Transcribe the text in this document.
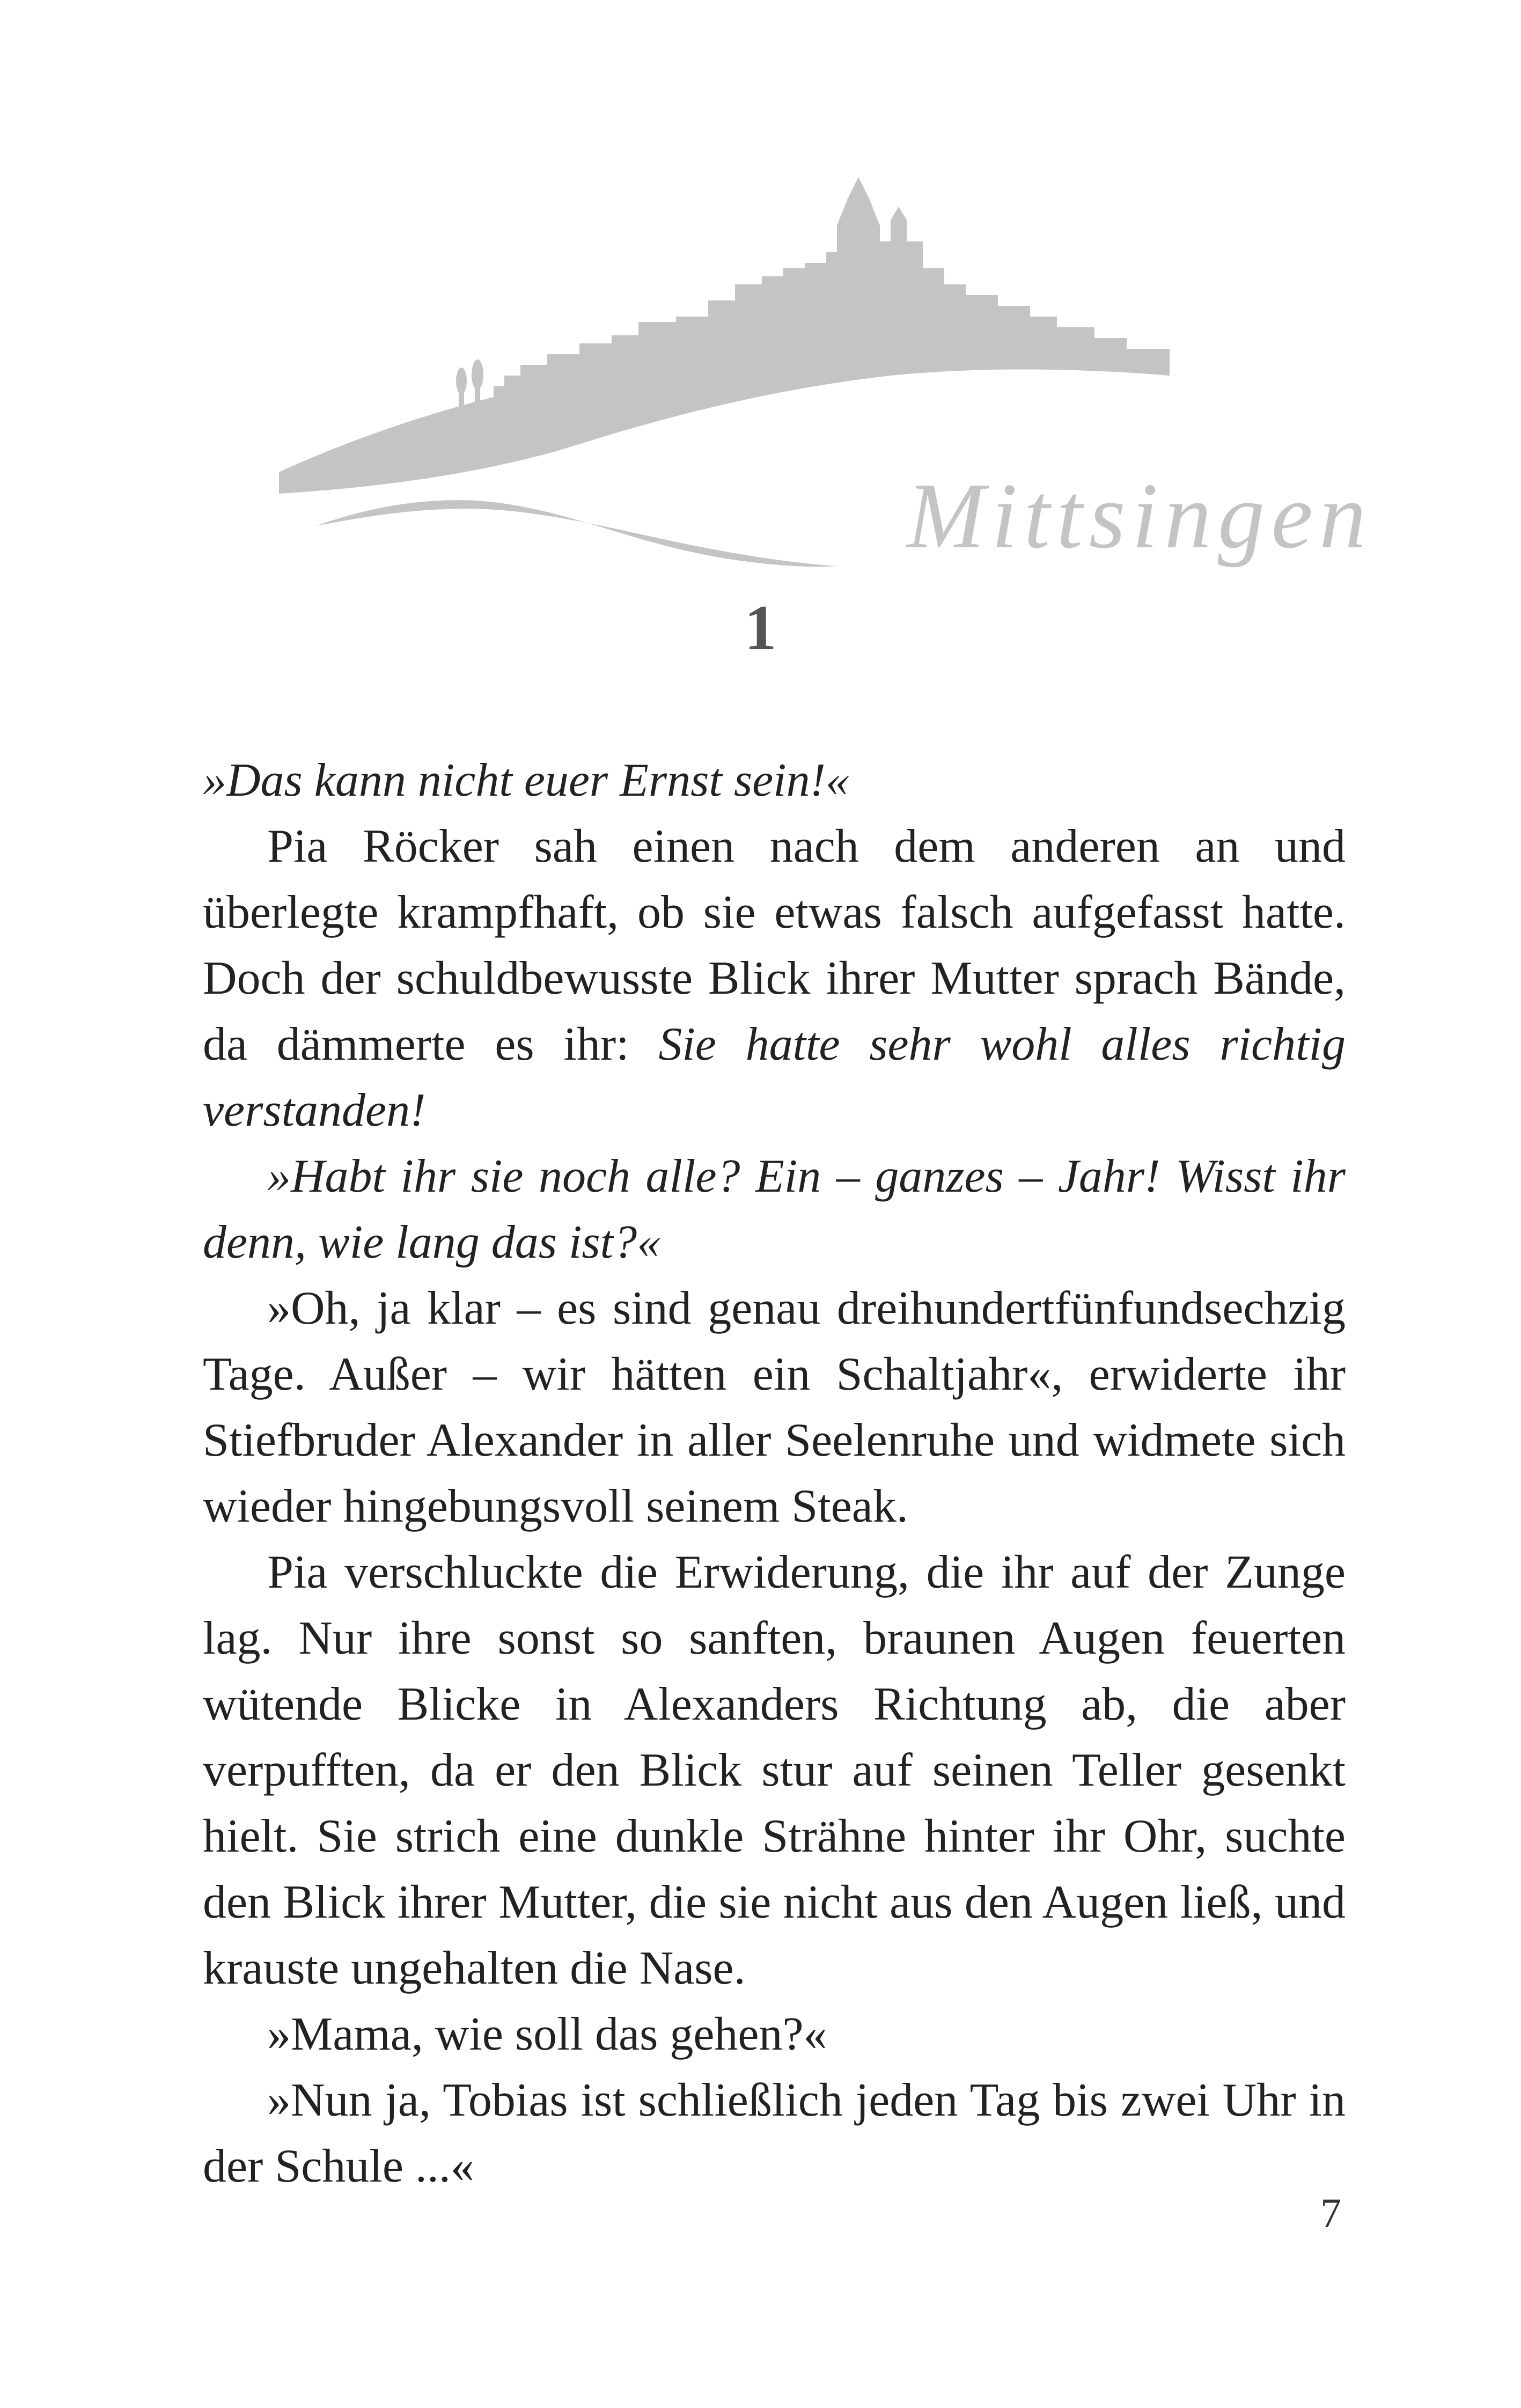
Mittsingen
1

»Das kann nicht euer Ernst sein!«

Pia Röcker sah einen nach dem anderen an und überlegte krampfhaft, ob sie etwas falsch aufgefasst hatte. Doch der schuldbewusste Blick ihrer Mutter sprach Bände, da dämmerte es ihr: Sie hatte sehr wohl alles richtig verstanden!

»Habt ihr sie noch alle? Ein – ganzes – Jahr! Wisst ihr denn, wie lang das ist?«

»Oh, ja klar – es sind genau dreihundertfünfundsechzig Tage. Außer – wir hätten ein Schaltjahr«, erwiderte ihr Stiefbruder Alexander in aller Seelenruhe und widmete sich wieder hingebungsvoll seinem Steak.

Pia verschluckte die Erwiderung, die ihr auf der Zunge lag. Nur ihre sonst so sanften, braunen Augen feuerten wütende Blicke in Alexanders Richtung ab, die aber verpufften, da er den Blick stur auf seinen Teller gesenkt hielt. Sie strich eine dunkle Strähne hinter ihr Ohr, suchte den Blick ihrer Mutter, die sie nicht aus den Augen ließ, und krauste ungehalten die Nase.

»Mama, wie soll das gehen?«

»Nun ja, Tobias ist schließlich jeden Tag bis zwei Uhr in der Schule ...«

7
